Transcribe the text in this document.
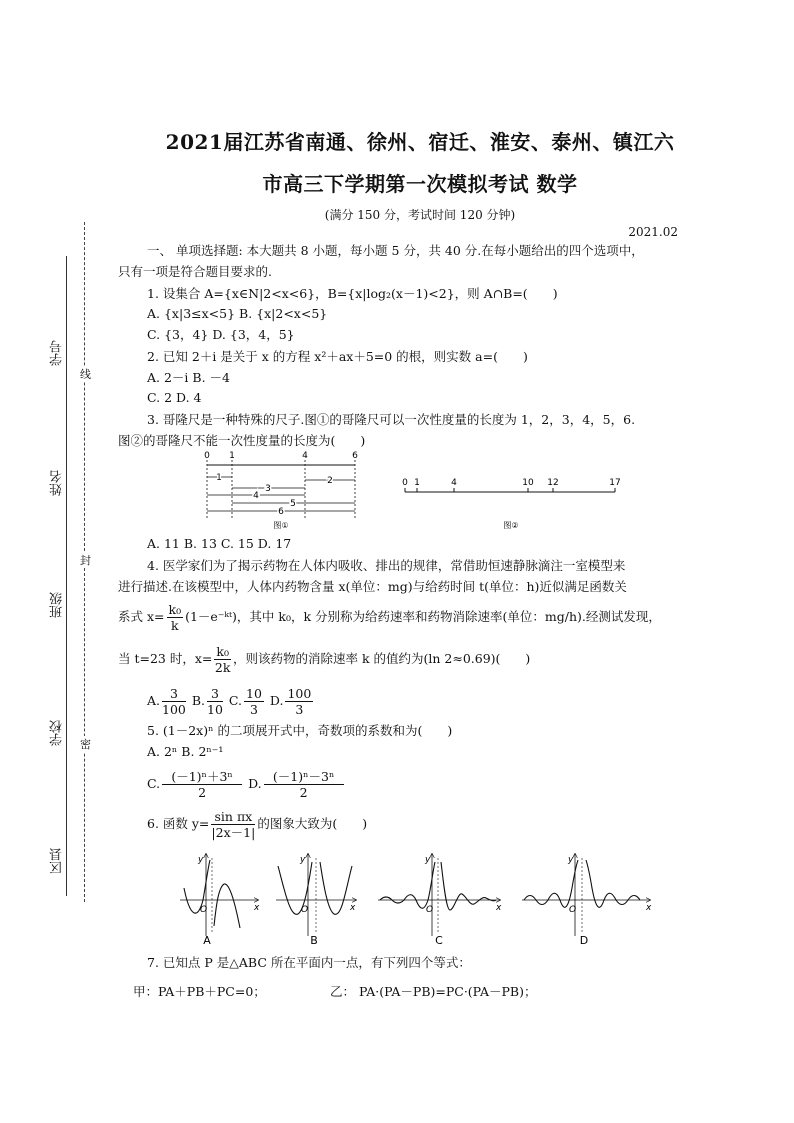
2021届江苏省南通、徐州、宿迁、淮安、泰州、镇江六
市高三下学期第一次模拟考试 数学
(满分 150 分，考试时间 120 分钟)
2021.02
学号
姓名
班级
学校
区县
线
封
密
一、 单项选择题: 本大题共 8 小题，每小题 5 分，共 40 分.在每小题给出的四个选项中，
只有一项是符合题目要求的.
1. 设集合 A={x∈N|2<x<6}，B={x|log₂(x－1)<2}，则 A∩B=(　　)
A. {x|3≤x<5} B. {x|2<x<5}
C. {3，4} D. {3，4，5}
2. 已知 2＋i 是关于 x 的方程 x²＋ax＋5=0 的根，则实数 a=(　　)
A. 2－i B. －4
C. 2 D. 4
3. 哥隆尺是一种特殊的尺子.图①的哥隆尺可以一次性度量的长度为 1，2，3，4，5，6.
图②的哥隆尺不能一次性度量的长度为(　　)
0 1	4	6
1
3
2
4
5
6
图①
0 1	4	10 12	17
图②
A. 11 B. 13 C. 15 D. 17
4. 医学家们为了揭示药物在人体内吸收、排出的规律，常借助恒速静脉滴注一室模型来
进行描述.在该模型中，人体内药物含量 x(单位：mg)与给药时间 t(单位：h)近似满足函数关
系式 $x= \frac{\text{k₀}}{k}$ (1－e⁻ᵏᵗ)，其中 k₀，k 分别称为给药速率和药物消除速率(单位：mg/h).经测试发现，
当 t=23 时，$x= \frac{\text{k₀}}{2k}$ ，则该药物的消除速率 k 的值约为(ln 2≈0.69)(　　)
A. $\frac{3}{100} B$. $\frac{3}{10} C$. $\frac{10}{3} D$. $\frac{100}{3}$
5. (1－2x)ⁿ 的二项展开式中，奇数项的系数和为(　　)
A. 2ⁿ B. 2ⁿ⁻¹
C. $\frac{\text{(－1)ⁿ＋3ⁿ}}{2} D$. $\frac{\text{(－1)ⁿ－3ⁿ}}{2}$
6. 函数 $y= \frac{\text{sin πx}}{|2x-1|}$ 的图象大致为(　　)
y
x
O
A
y
x
O
B
y
x
O
C
y
x
O
D
7. 已知点 P 是△ABC 所在平面内一点，有下列四个等式：
甲：PA＋PB＋PC=0；	乙： PA·(PA－PB)=PC·(PA－PB)；
